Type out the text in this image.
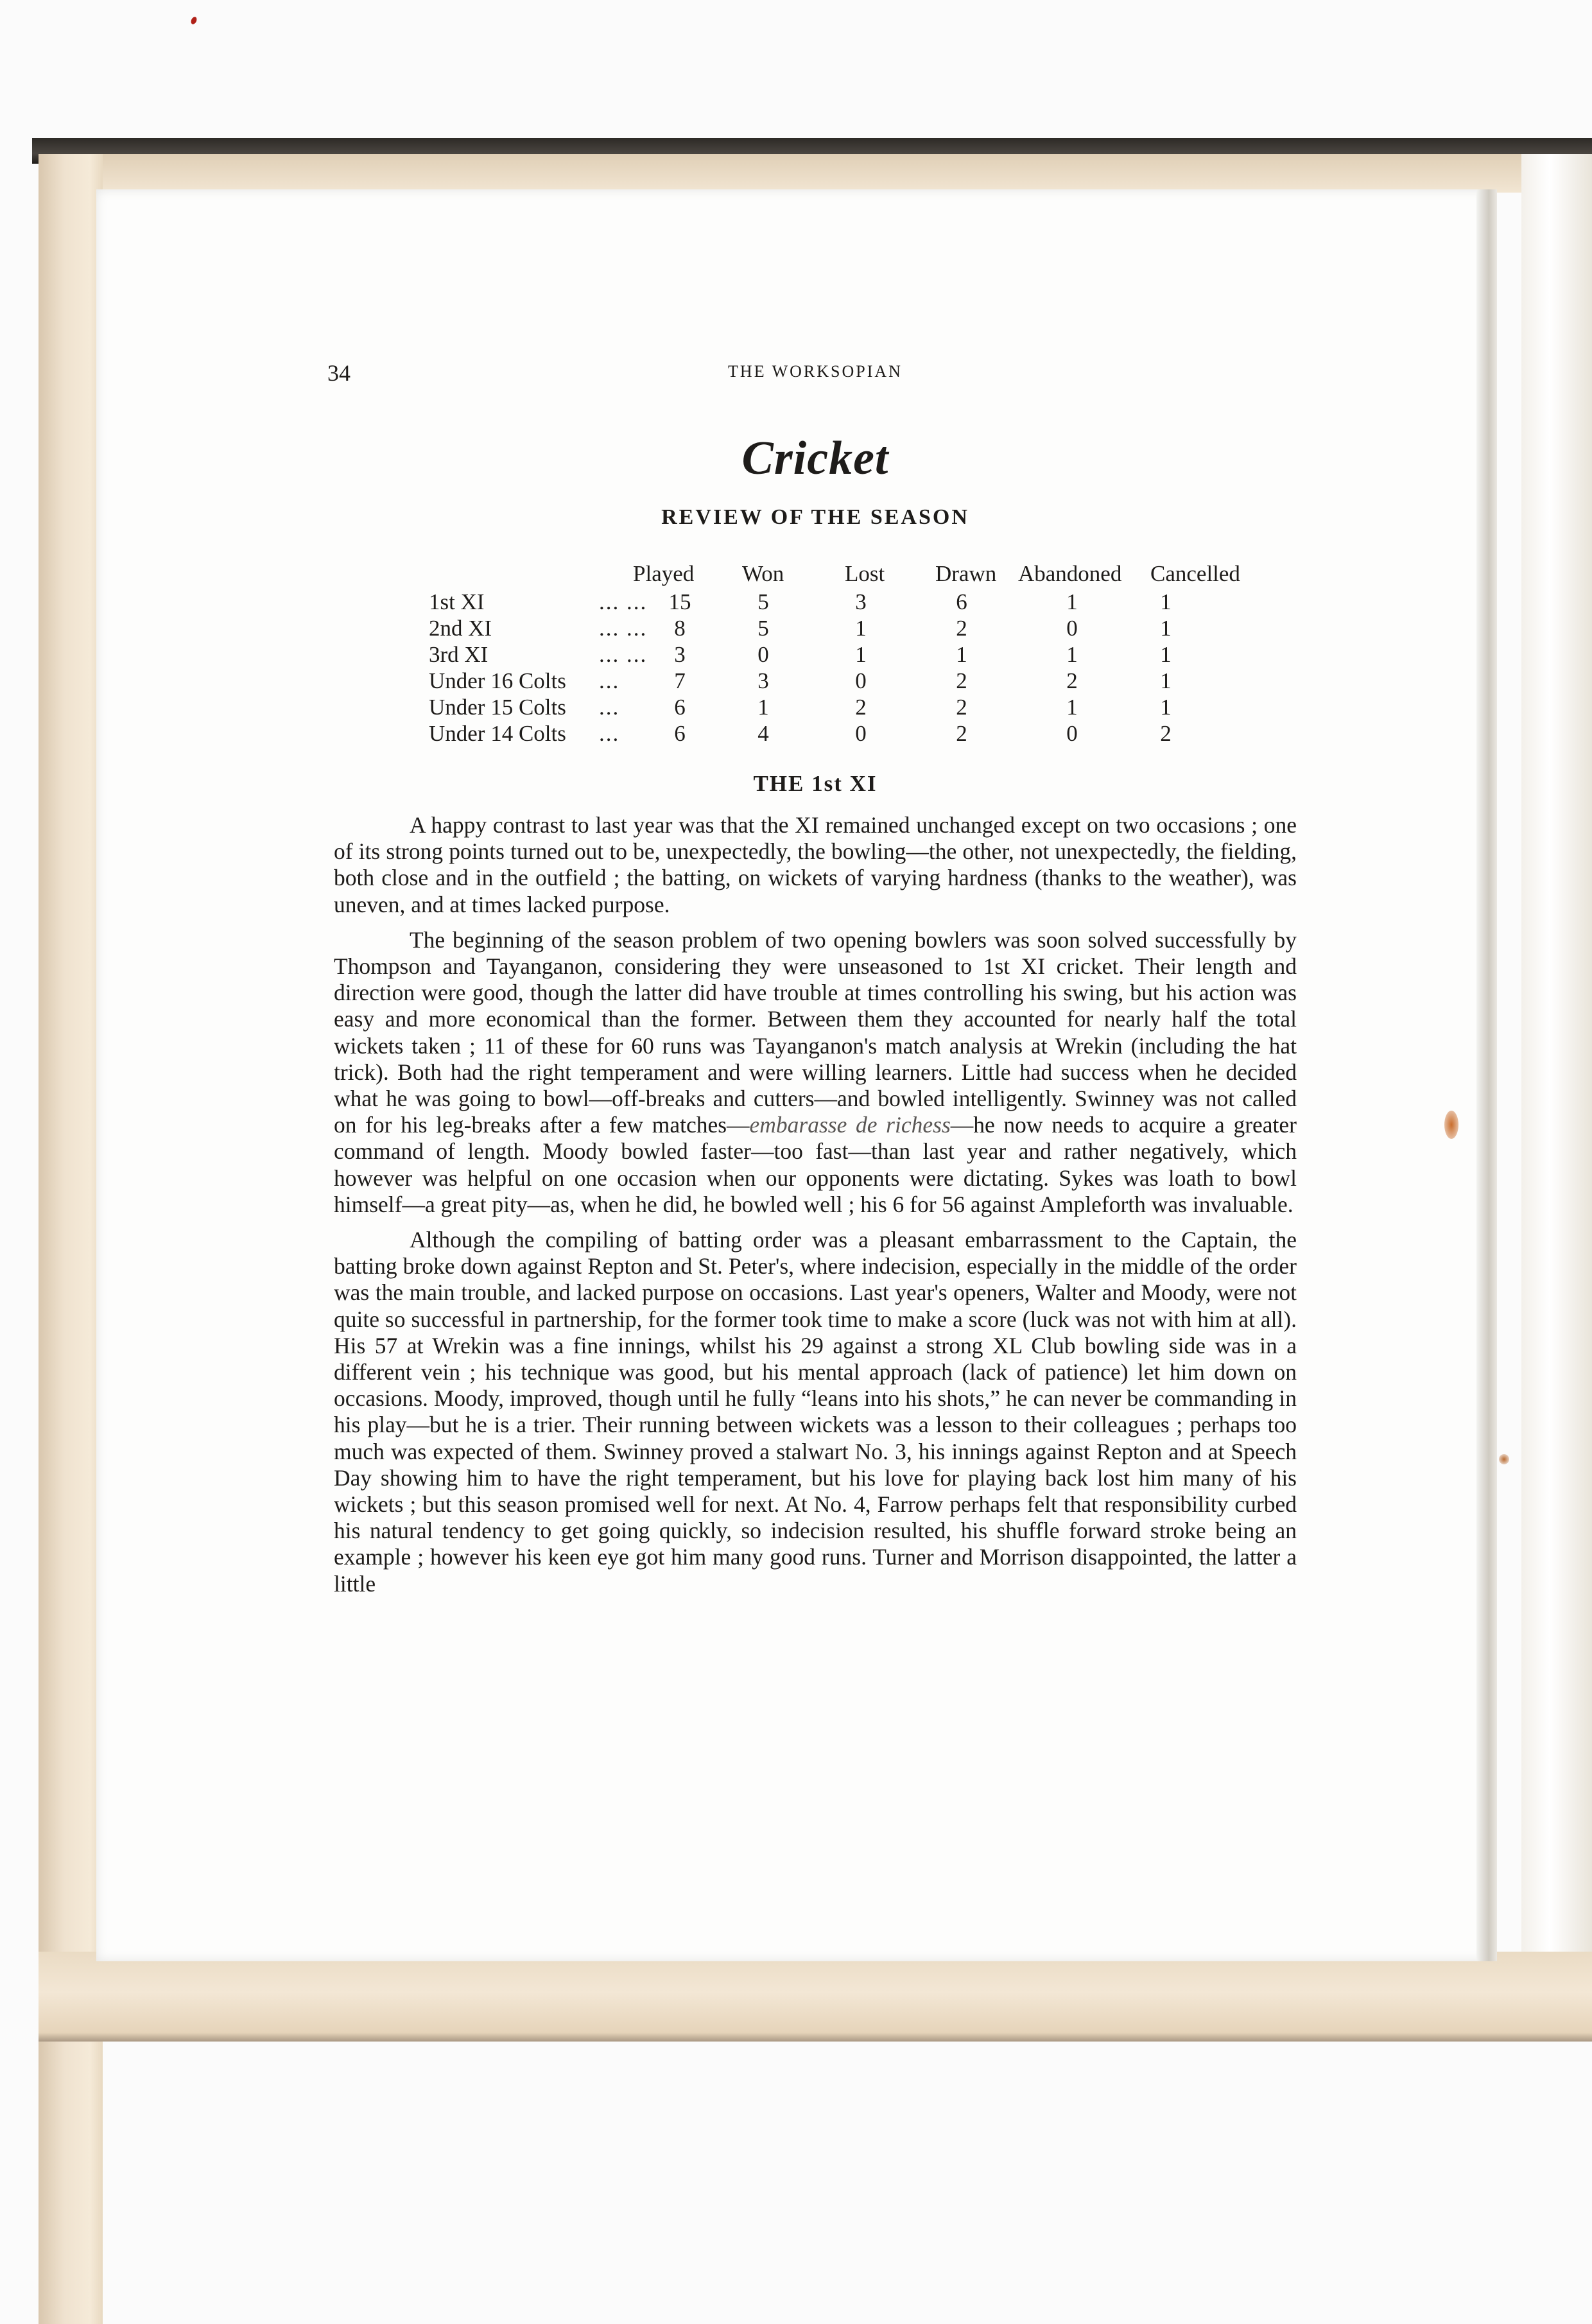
34	THE WORKSOPIAN
Cricket
REVIEW OF THE SEASON
Played Won	Lost Drawn Abandoned Cancelled
1st XI	... ... 15	5	3	6	1	1
2nd XI	... ...	8	5	1	2	0	1
3rd XI	... ...	3	0	1	1	1	1
Under 16 Colts ...	7	3	0	2	2	1
Under 15 Colts ...	6	1	2	2	1	1
Under 14 Colts ...	6	4	0	2	0	2
THE 1st XI

A happy contrast to last year was that the XI remained unchanged except on two occasions ; one of its strong points turned out to be, unexpectedly, the bowling—the other, not unexpectedly, the fielding, both close and in the outfield ; the batting, on wickets of varying hardness (thanks to the weather), was uneven, and at times lacked purpose.

The beginning of the season problem of two opening bowlers was soon solved successfully by Thompson and Tayanganon, considering they were unseasoned to 1st XI cricket. Their length and direction were good, though the latter did have trouble at times controlling his swing, but his action was easy and more economical than the former. Between them they accounted for nearly half the total wickets taken ; 11 of these for 60 runs was Tayanganon's match analysis at Wrekin (including the hat trick). Both had the right temperament and were willing learners. Little had success when he decided what he was going to bowl—off-breaks and cutters—and bowled intelligently. Swinney was not called on for his leg-breaks after a few matches—embarasse de richess—he now needs to acquire a greater command of length. Moody bowled faster—too fast—than last year and rather negatively, which however was helpful on one occasion when our opponents were dictating. Sykes was loath to bowl himself—a great pity—as, when he did, he bowled well ; his 6 for 56 against Ampleforth was invaluable.

Although the compiling of batting order was a pleasant embarrassment to the Captain, the batting broke down against Repton and St. Peter's, where indecision, especially in the middle of the order was the main trouble, and lacked purpose on occasions. Last year's openers, Walter and Moody, were not quite so successful in partnership, for the former took time to make a score (luck was not with him at all). His 57 at Wrekin was a fine innings, whilst his 29 against a strong XL Club bowling side was in a different vein ; his technique was good, but his mental approach (lack of patience) let him down on occasions. Moody, improved, though until he fully “leans into his shots,” he can never be commanding in his play—but he is a trier. Their running between wickets was a lesson to their colleagues ; perhaps too much was expected of them. Swinney proved a stalwart No. 3, his innings against Repton and at Speech Day showing him to have the right temperament, but his love for playing back lost him many of his wickets ; but this season promised well for next. At No. 4, Farrow perhaps felt that responsibility curbed his natural tendency to get going quickly, so indecision resulted, his shuffle forward stroke being an example ; however his keen eye got him many good runs. Turner and Morrison disappointed, the latter a little
